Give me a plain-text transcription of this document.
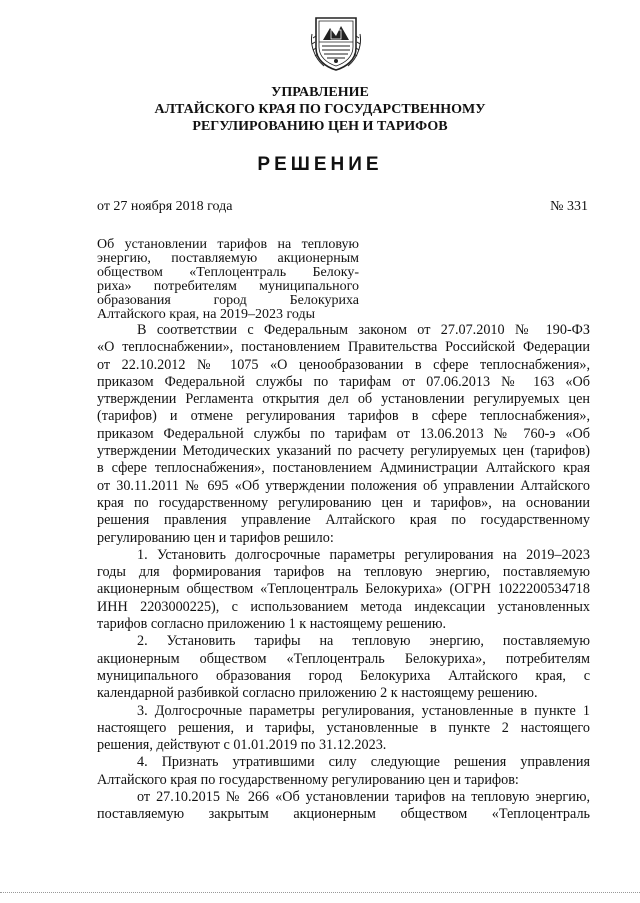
УПРАВЛЕНИЕ
АЛТАЙСКОГО КРАЯ ПО ГОСУДАРСТВЕННОМУ
РЕГУЛИРОВАНИЮ ЦЕН И ТАРИФОВ
РЕШЕНИЕ
от 27 ноября 2018 года	№ 331
Об установлении тарифов на тепловую
энергию, поставляемую акционерным
обществом «Теплоцентраль Белоку-
риха» потребителям муниципального
образования город Белокуриха
Алтайского края, на 2019–2023 годы
В соответствии с Федеральным законом от 27.07.2010 № 190-ФЗ
«О теплоснабжении», постановлением Правительства Российской Федерации
от 22.10.2012 № 1075 «О ценообразовании в сфере теплоснабжения»,
приказом Федеральной службы по тарифам от 07.06.2013 № 163 «Об
утверждении Регламента открытия дел об установлении регулируемых цен
(тарифов) и отмене регулирования тарифов в сфере теплоснабжения»,
приказом Федеральной службы по тарифам от 13.06.2013 № 760-э «Об
утверждении Методических указаний по расчету регулируемых цен (тарифов)
в сфере теплоснабжения», постановлением Администрации Алтайского края
от 30.11.2011 № 695 «Об утверждении положения об управлении Алтайского
края по государственному регулированию цен и тарифов», на основании
решения правления управление Алтайского края по государственному
регулированию цен и тарифов решило:
1. Установить долгосрочные параметры регулирования на 2019–2023
годы для формирования тарифов на тепловую энергию, поставляемую
акционерным обществом «Теплоцентраль Белокуриха» (ОГРН 1022200534718
ИНН 2203000225), с использованием метода индексации установленных
тарифов согласно приложению 1 к настоящему решению.
2. Установить тарифы на тепловую энергию, поставляемую
акционерным обществом «Теплоцентраль Белокуриха», потребителям
муниципального образования город Белокуриха Алтайского края, с
календарной разбивкой согласно приложению 2 к настоящему решению.
3. Долгосрочные параметры регулирования, установленные в пункте 1
настоящего решения, и тарифы, установленные в пункте 2 настоящего
решения, действуют с 01.01.2019 по 31.12.2023.
4. Признать утратившими силу следующие решения управления
Алтайского края по государственному регулированию цен и тарифов:
от 27.10.2015 № 266 «Об установлении тарифов на тепловую энергию,
поставляемую закрытым акционерным обществом «Теплоцентраль
